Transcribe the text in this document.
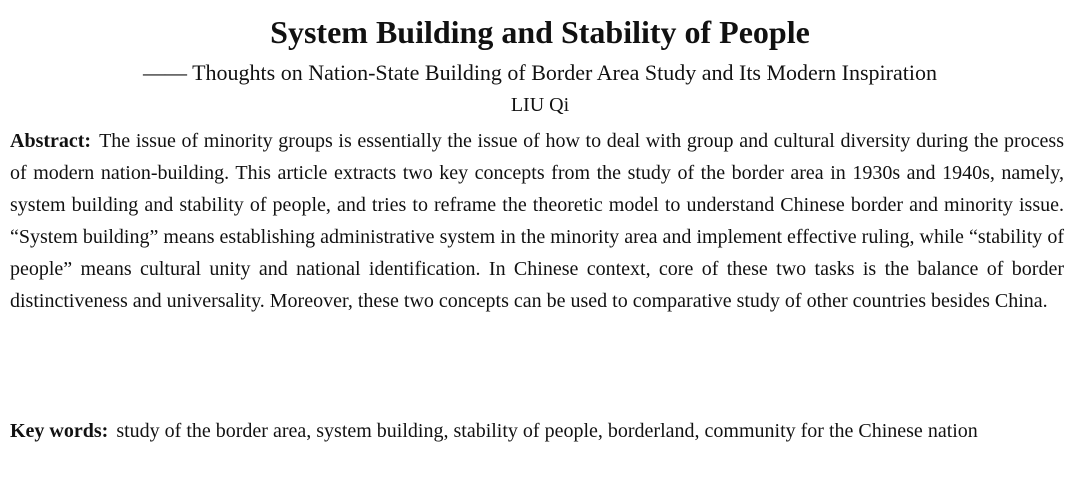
System Building and Stability of People
—— Thoughts on Nation-State Building of Border Area Study and Its Modern Inspiration
LIU Qi

Abstract: The issue of minority groups is essentially the issue of how to deal with group and cultural diversity during the process of modern nation-building. This article extracts two key concepts from the study of the border area in 1930s and 1940s, namely, system building and stability of people, and tries to reframe the theoretic model to understand Chinese border and minority issue. “System building” means establishing administrative system in the minority area and implement effective ruling, while “stability of people” means cultural unity and national identification. In Chinese context, core of these two tasks is the balance of border distinctiveness and universality. Moreover, these two concepts can be used to comparative study of other countries besides China.

Key words: study of the border area, system building, stability of people, borderland, community for the Chinese nation
